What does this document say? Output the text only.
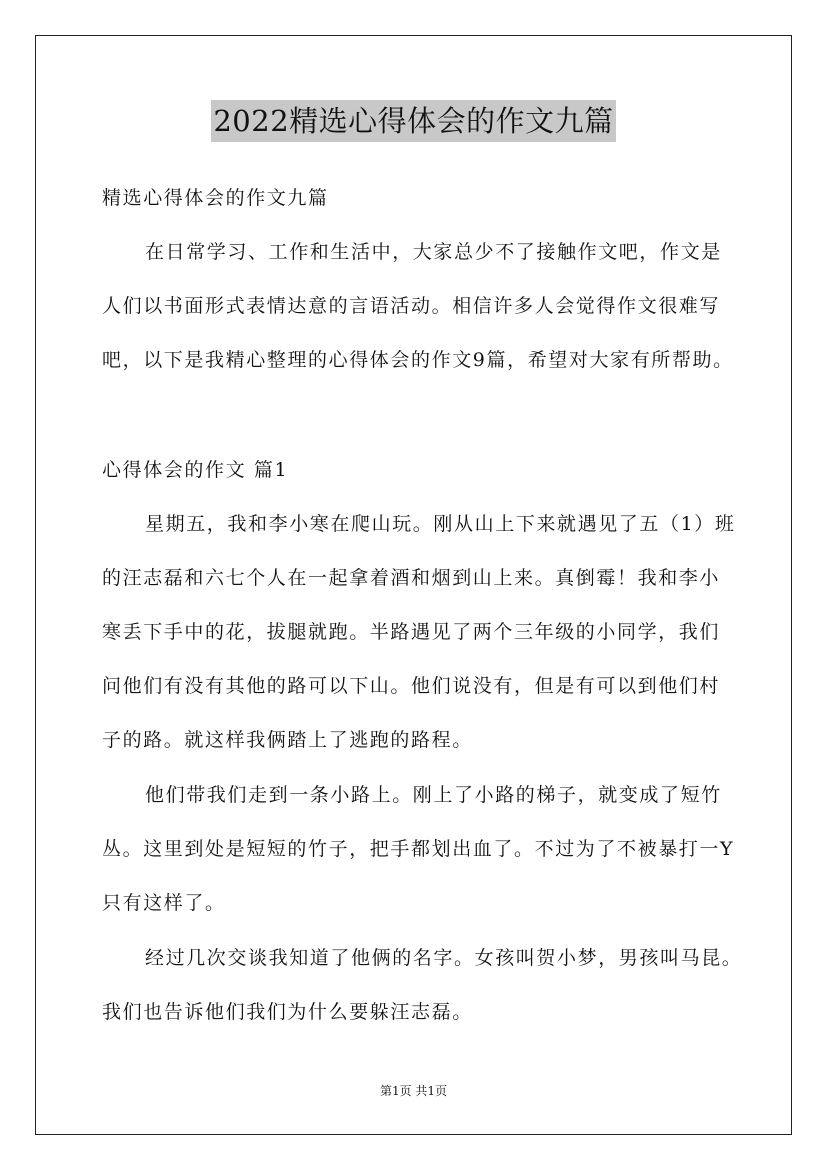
2022精选心得体会的作文九篇
精选心得体会的作文九篇
在日常学习、工作和生活中，大家总少不了接触作文吧，作文是
人们以书面形式表情达意的言语活动。相信许多人会觉得作文很难写
吧，以下是我精心整理的心得体会的作文9篇，希望对大家有所帮助。
心得体会的作文 篇1
星期五，我和李小寒在爬山玩。刚从山上下来就遇见了五（1）班
的汪志磊和六七个人在一起拿着酒和烟到山上来。真倒霉！我和李小
寒丢下手中的花，拔腿就跑。半路遇见了两个三年级的小同学，我们
问他们有没有其他的路可以下山。他们说没有，但是有可以到他们村
子的路。就这样我俩踏上了逃跑的路程。
他们带我们走到一条小路上。刚上了小路的梯子，就变成了短竹
丛。这里到处是短短的竹子，把手都划出血了。不过为了不被暴打一Y
只有这样了。
经过几次交谈我知道了他俩的名字。女孩叫贺小梦，男孩叫马昆。
我们也告诉他们我们为什么要躲汪志磊。
第1页 共1页
